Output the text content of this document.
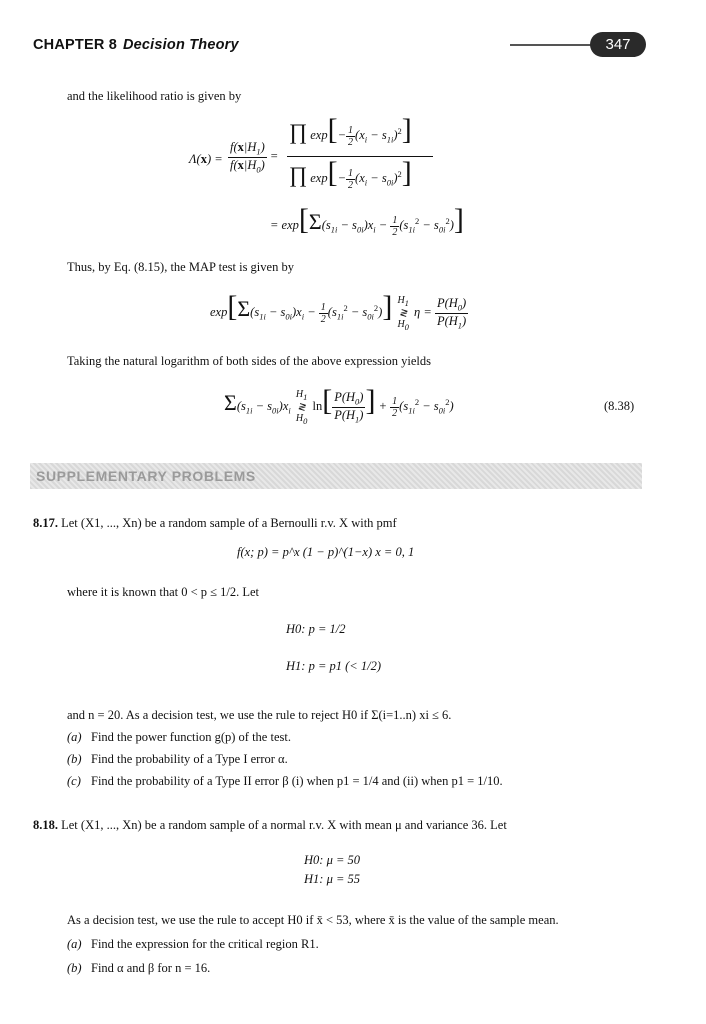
CHAPTER 8 Decision Theory	347
and the likelihood ratio is given by
$\Lambda(x) = \frac{f(x|H_1)}{f(x|H_0)}$ =
∏ $\exp[- \frac{1}{2} (x_i - s_{1i})^2]$
∏ $\exp[- \frac{1}{2} (x_i - s_{0i})^2]$
= $\exp[\Sigma(s_{1i} - s_{0i})x_i - \frac{1}{2} (s_{1i}^2 - s_{0i}^2)]$
Thus, by Eq. (8.15), the MAP test is given by
$\exp[\Sigma(s_{1i} - s_{0i})x_i - \frac{1}{2} (s_{1i}^2 - s_{0i}^2)]$ $H_1$
≷
$H_0$
$\eta = \frac{P(H_0)}{P(H_1)}$
Taking the natural logarithm of both sides of the above expression yields
$\Sigma(s_{1i} - s_{0i})x_i$
$H_1$
≷
$H_0$
$\ln[ \frac{P(H_0)}{P(H_1)}$ ] + $\frac{1}{2} (s_{1i}^2 - s_{0i}^2)$	(8.38)
SUPPLEMENTARY PROBLEMS
8.17. Let (X1, ..., Xn) be a random sample of a Bernoulli r.v. X with pmf
f(x; p) = p^x (1 − p)^(1−x) x = 0, 1
where it is known that 0 < p ≤ 1/2. Let
H0: p = 1/2
H1: p = p1 (< 1/2)
and n = 20. As a decision test, we use the rule to reject H0 if Σ(i=1..n) xi ≤ 6.
(a) Find the power function g(p) of the test.
(b) Find the probability of a Type I error α.
(c) Find the probability of a Type II error β (i) when p1 = 1/4 and (ii) when p1 = 1/10.
8.18. Let (X1, ..., Xn) be a random sample of a normal r.v. X with mean μ and variance 36. Let
H0: μ = 50
H1: μ = 55
As a decision test, we use the rule to accept H0 if x̄ < 53, where x̄ is the value of the sample mean.
(a) Find the expression for the critical region R1.
(b) Find α and β for n = 16.
